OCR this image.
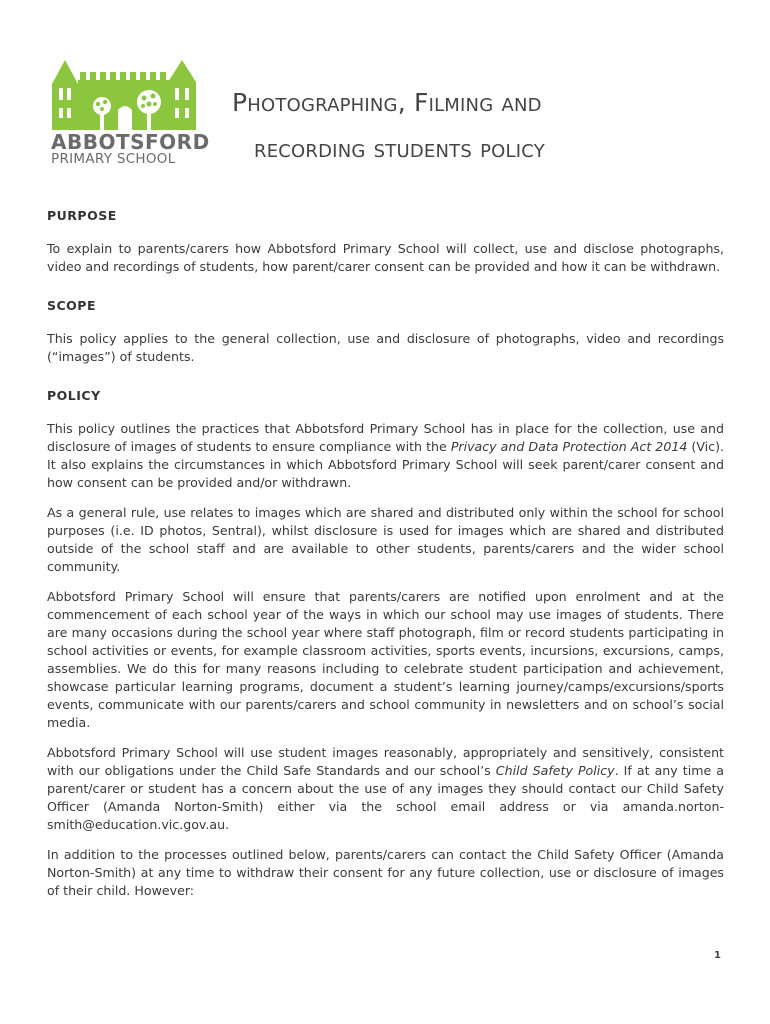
ABBOTSFORD
PRIMARY SCHOOL
Photographing, Filming and
recording students policy
PURPOSE

To explain to parents/carers how Abbotsford Primary School will collect, use and disclose photographs, video and recordings of students, how parent/carer consent can be provided and how it can be withdrawn.

SCOPE

This policy applies to the general collection, use and disclosure of photographs, video and recordings (“images”) of students.

POLICY

This policy outlines the practices that Abbotsford Primary School has in place for the collection, use and disclosure of images of students to ensure compliance with the Privacy and Data Protection Act 2014 (Vic). It also explains the circumstances in which Abbotsford Primary School will seek parent/carer consent and how consent can be provided and/or withdrawn.

As a general rule, use relates to images which are shared and distributed only within the school for school purposes (i.e. ID photos, Sentral), whilst disclosure is used for images which are shared and distributed outside of the school staff and are available to other students, parents/carers and the wider school community.

Abbotsford Primary School will ensure that parents/carers are notified upon enrolment and at the commencement of each school year of the ways in which our school may use images of students. There are many occasions during the school year where staff photograph, film or record students participating in school activities or events, for example classroom activities, sports events, incursions, excursions, camps, assemblies. We do this for many reasons including to celebrate student participation and achievement, showcase particular learning programs, document a student’s learning journey/camps/excursions/sports events, communicate with our parents/carers and school community in newsletters and on school’s social media.

Abbotsford Primary School will use student images reasonably, appropriately and sensitively, consistent with our obligations under the Child Safe Standards and our school’s Child Safety Policy. If at any time a parent/carer or student has a concern about the use of any images they should contact our Child Safety Officer (Amanda Norton-Smith) either via the school email address or via amanda.norton-smith@education.vic.gov.au.

In addition to the processes outlined below, parents/carers can contact the Child Safety Officer (Amanda Norton-Smith) at any time to withdraw their consent for any future collection, use or disclosure of images of their child. However:

1
